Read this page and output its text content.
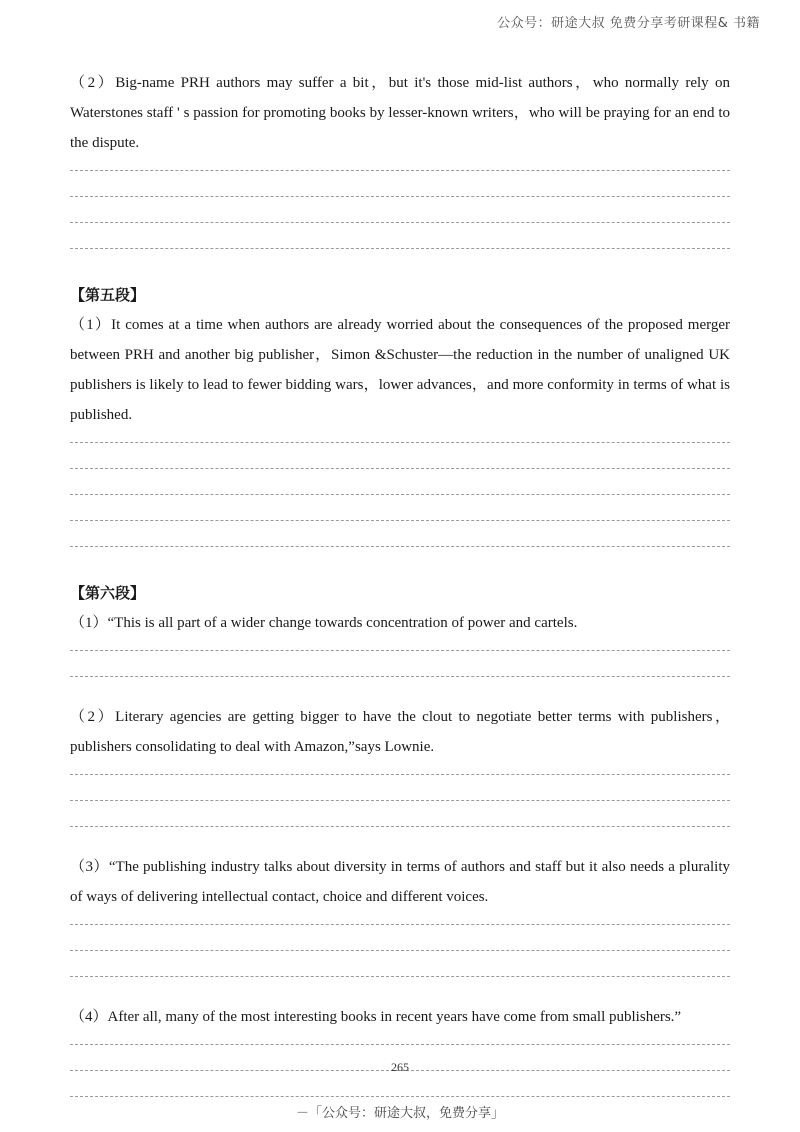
公众号：研途大叔 免费分享考研课程& 书籍

（2）Big-name PRH authors may suffer a bit，but it's those mid-list authors，who normally rely on Waterstones staff ' s passion for promoting books by lesser-known writers，who will be praying for an end to the dispute.

【第五段】

（1）It comes at a time when authors are already worried about the consequences of the proposed merger between PRH and another big publisher，Simon &Schuster—the reduction in the number of unaligned UK publishers is likely to lead to fewer bidding wars，lower advances，and more conformity in terms of what is published.

【第六段】

（1）“This is all part of a wider change towards concentration of power and cartels.

（2）Literary agencies are getting bigger to have the clout to negotiate better terms with publishers，publishers consolidating to deal with Amazon,”says Lownie.

（3）“The publishing industry talks about diversity in terms of authors and staff but it also needs a plurality of ways of delivering intellectual contact, choice and different voices.

（4）After all, many of the most interesting books in recent years have come from small publishers.”

265
－「公众号：研途大叔，免费分享」
